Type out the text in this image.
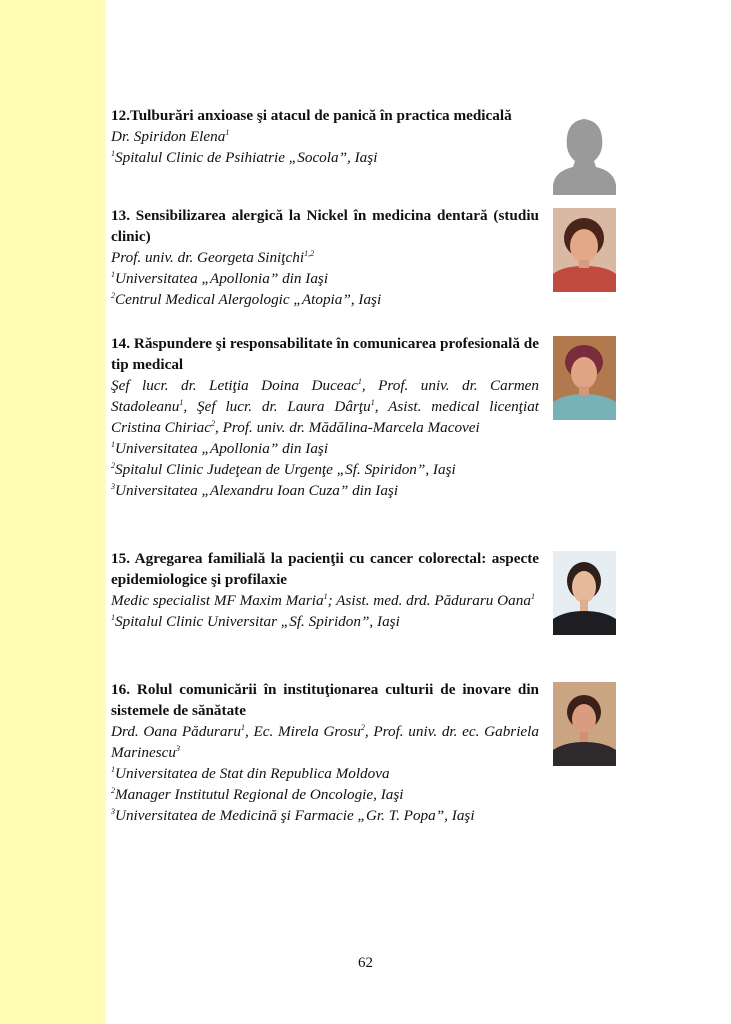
12.Tulburări anxioase şi atacul de panică în practica medicală
Dr. Spiridon Elena$^1$
$^1$Spitalul Clinic de Psihiatrie „Socola”, Iaşi
13. Sensibilizarea alergică la Nickel în medicina dentară (studiu clinic)
Prof. univ. dr. Georgeta Siniţchi$^{1,2}$
$^1$Universitatea „Apollonia” din Iaşi
$^2$Centrul Medical Alergologic „Atopia”, Iaşi
14. Răspundere şi responsabilitate în comunicarea profesională de tip medical
Şef lucr. dr. Letiţia Doina Duceac$^1$, Prof. univ. dr. Carmen Stadoleanu$^1$, Şef lucr. dr. Laura Dârţu$^1$, Asist. medical licenţiat Cristina Chiriac$^2$, Prof. univ. dr. Mădălina-Marcela Macovei
$^1$Universitatea „Apollonia” din Iaşi
$^2$Spitalul Clinic Judeţean de Urgenţe „Sf. Spiridon”, Iaşi
$^3$Universitatea „Alexandru Ioan Cuza” din Iaşi
15. Agregarea familială la pacienţii cu cancer colorectal: aspecte epidemiologice şi profilaxie
Medic specialist MF Maxim Maria$^1$; Asist. med. drd. Păduraru Oana$^1$
$^1$Spitalul Clinic Universitar „Sf. Spiridon”, Iaşi
16. Rolul comunicării în instituţionarea culturii de inovare din sistemele de sănătate
Drd. Oana Păduraru$^1$, Ec. Mirela Grosu$^2$, Prof. univ. dr. ec. Gabriela Marinescu$^3$
$^1$Universitatea de Stat din Republica Moldova
$^2$Manager Institutul Regional de Oncologie, Iaşi
$^3$Universitatea de Medicină şi Farmacie „Gr. T. Popa”, Iaşi
62
